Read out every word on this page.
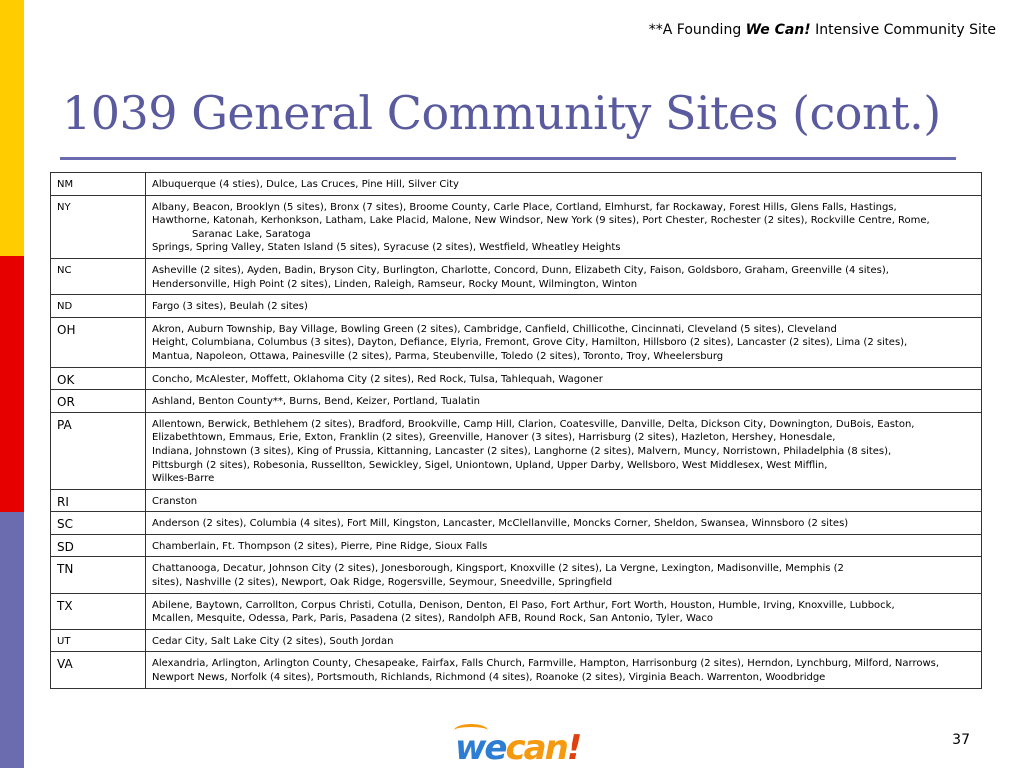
**A Founding We Can! Intensive Community Site
1039 General Community Sites (cont.)
NM	Albuquerque (4 sties), Dulce, Las Cruces, Pine Hill, Silver City

NY	Albany, Beacon, Brooklyn (5 sites), Bronx (7 sites), Broome County, Carle Place, Cortland, Elmhurst, far Rockaway, Forest Hills, Glens Falls, Hastings,
Hawthorne, Katonah, Kerhonkson, Latham, Lake Placid, Malone, New Windsor, New York (9 sites), Port Chester, Rochester (2 sites), Rockville Centre, Rome,
Saranac Lake, Saratoga
Springs, Spring Valley, Staten Island (5 sites), Syracuse (2 sites), Westfield, Wheatley Heights

NC	Asheville (2 sites), Ayden, Badin, Bryson City, Burlington, Charlotte, Concord, Dunn, Elizabeth City, Faison, Goldsboro, Graham, Greenville (4 sites),
Hendersonville, High Point (2 sites), Linden, Raleigh, Ramseur, Rocky Mount, Wilmington, Winton

ND	Fargo (3 sites), Beulah (2 sites)

OH	Akron, Auburn Township, Bay Village, Bowling Green (2 sites), Cambridge, Canfield, Chillicothe, Cincinnati, Cleveland (5 sites), Cleveland
Height, Columbiana, Columbus (3 sites), Dayton, Defiance, Elyria, Fremont, Grove City, Hamilton, Hillsboro (2 sites), Lancaster (2 sites), Lima (2 sites),
Mantua, Napoleon, Ottawa, Painesville (2 sites), Parma, Steubenville, Toledo (2 sites), Toronto, Troy, Wheelersburg

OK	Concho, McAlester, Moffett, Oklahoma City (2 sites), Red Rock, Tulsa, Tahlequah, Wagoner

OR	Ashland, Benton County**, Burns, Bend, Keizer, Portland, Tualatin

PA	Allentown, Berwick, Bethlehem (2 sites), Bradford, Brookville, Camp Hill, Clarion, Coatesville, Danville, Delta, Dickson City, Downington, DuBois, Easton,
Elizabethtown, Emmaus, Erie, Exton, Franklin (2 sites), Greenville, Hanover (3 sites), Harrisburg (2 sites), Hazleton, Hershey, Honesdale,
Indiana, Johnstown (3 sites), King of Prussia, Kittanning, Lancaster (2 sites), Langhorne (2 sites), Malvern, Muncy, Norristown, Philadelphia (8 sites),
Pittsburgh (2 sites), Robesonia, Russellton, Sewickley, Sigel, Uniontown, Upland, Upper Darby, Wellsboro, West Middlesex, West Mifflin,
Wilkes-Barre

RI	Cranston

SC	Anderson (2 sites), Columbia (4 sites), Fort Mill, Kingston, Lancaster, McClellanville, Moncks Corner, Sheldon, Swansea, Winnsboro (2 sites)

SD	Chamberlain, Ft. Thompson (2 sites), Pierre, Pine Ridge, Sioux Falls

TN	Chattanooga, Decatur, Johnson City (2 sites), Jonesborough, Kingsport, Knoxville (2 sites), La Vergne, Lexington, Madisonville, Memphis (2
sites), Nashville (2 sites), Newport, Oak Ridge, Rogersville, Seymour, Sneedville, Springfield

TX	Abilene, Baytown, Carrollton, Corpus Christi, Cotulla, Denison, Denton, El Paso, Fort Arthur, Fort Worth, Houston, Humble, Irving, Knoxville, Lubbock,
Mcallen, Mesquite, Odessa, Park, Paris, Pasadena (2 sites), Randolph AFB, Round Rock, San Antonio, Tyler, Waco

UT	Cedar City, Salt Lake City (2 sites), South Jordan

VA	Alexandria, Arlington, Arlington County, Chesapeake, Fairfax, Falls Church, Farmville, Hampton, Harrisonburg (2 sites), Herndon, Lynchburg, Milford, Narrows,
Newport News, Norfolk (4 sites), Portsmouth, Richlands, Richmond (4 sites), Roanoke (2 sites), Virginia Beach. Warrenton, Woodbridge
wecan!	37
